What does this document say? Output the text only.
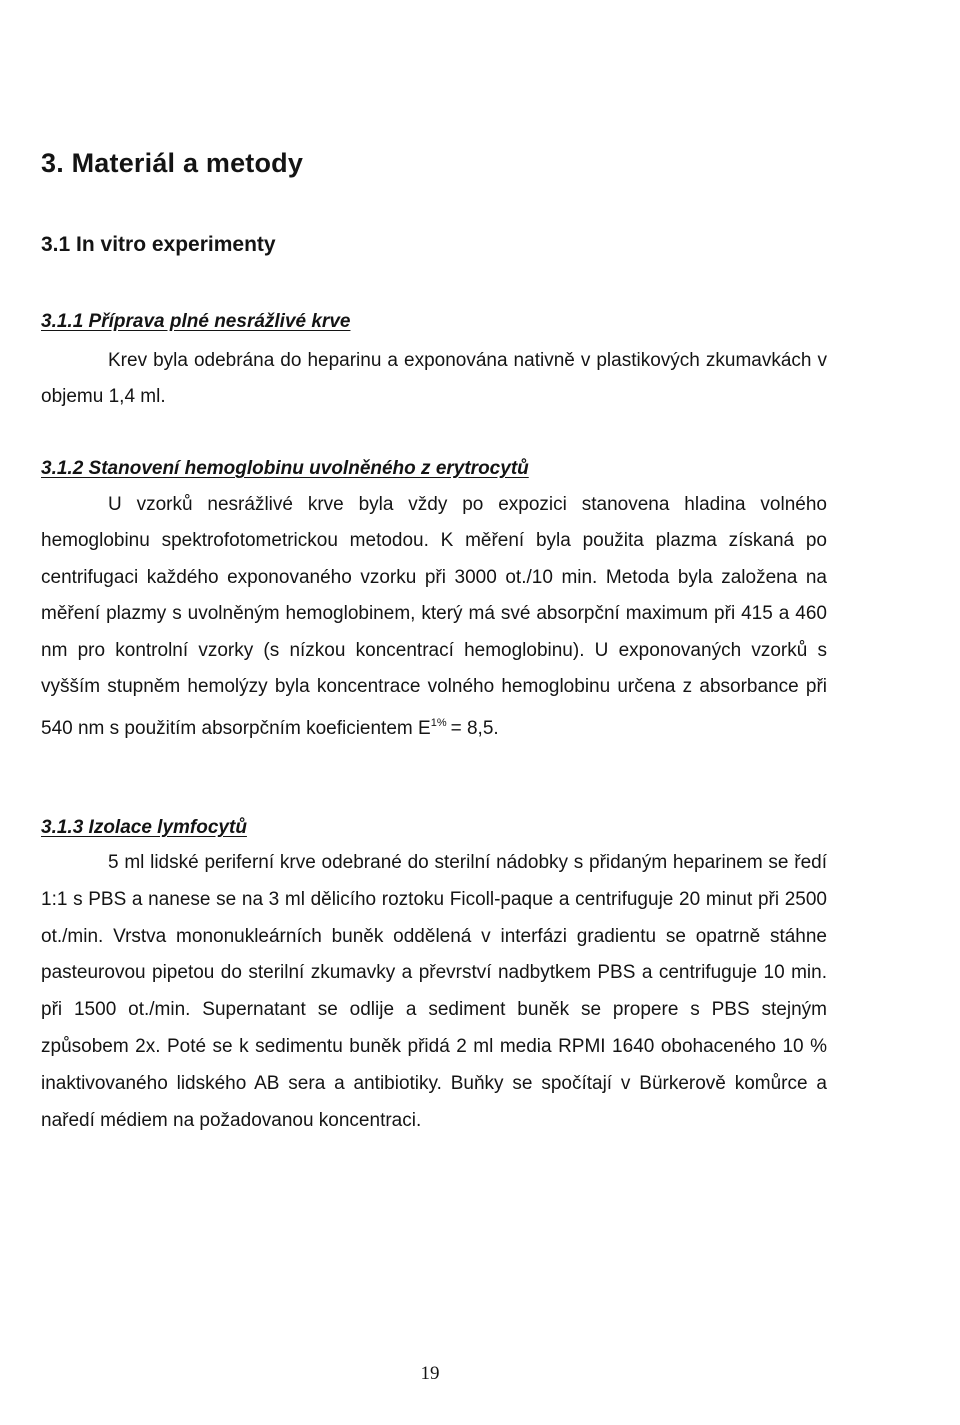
3. Materiál a metody
3.1 In vitro experimenty
3.1.1 Příprava plné nesrážlivé krve

Krev byla odebrána do heparinu a exponována nativně v plastikových zkumavkách v objemu 1,4 ml.

3.1.2 Stanovení hemoglobinu uvolněného z erytrocytů

U vzorků nesrážlivé krve byla vždy po expozici stanovena hladina volného hemoglobinu spektrofotometrickou metodou. K měření byla použita plazma získaná po centrifugaci každého exponovaného vzorku při 3000 ot./10 min. Metoda byla založena na měření plazmy s uvolněným hemoglobinem, který má své absorpční maximum při 415 a 460 nm pro kontrolní vzorky (s nízkou koncentrací hemoglobinu). U exponovaných vzorků s vyšším stupněm hemolýzy byla koncentrace volného hemoglobinu určena z absorbance při 540 nm s použitím absorpčním koeficientem $E^{1\%} = 8,5$.

3.1.3 Izolace lymfocytů

5 ml lidské periferní krve odebrané do sterilní nádobky s přidaným heparinem se ředí 1:1 s PBS a nanese se na 3 ml dělicího roztoku Ficoll-paque a centrifuguje 20 minut při 2500 ot./min. Vrstva mononukleárních buněk oddělená v interfázi gradientu se opatrně stáhne pasteurovou pipetou do sterilní zkumavky a převrství nadbytkem PBS a centrifuguje 10 min. při 1500 ot./min. Supernatant se odlije a sediment buněk se propere s PBS stejným způsobem 2x. Poté se k sedimentu buněk přidá 2 ml media RPMI 1640 obohaceného 10 % inaktivovaného lidského AB sera a antibiotiky. Buňky se spočítají v Bürkerově komůrce a naředí médiem na požadovanou koncentraci.

19
